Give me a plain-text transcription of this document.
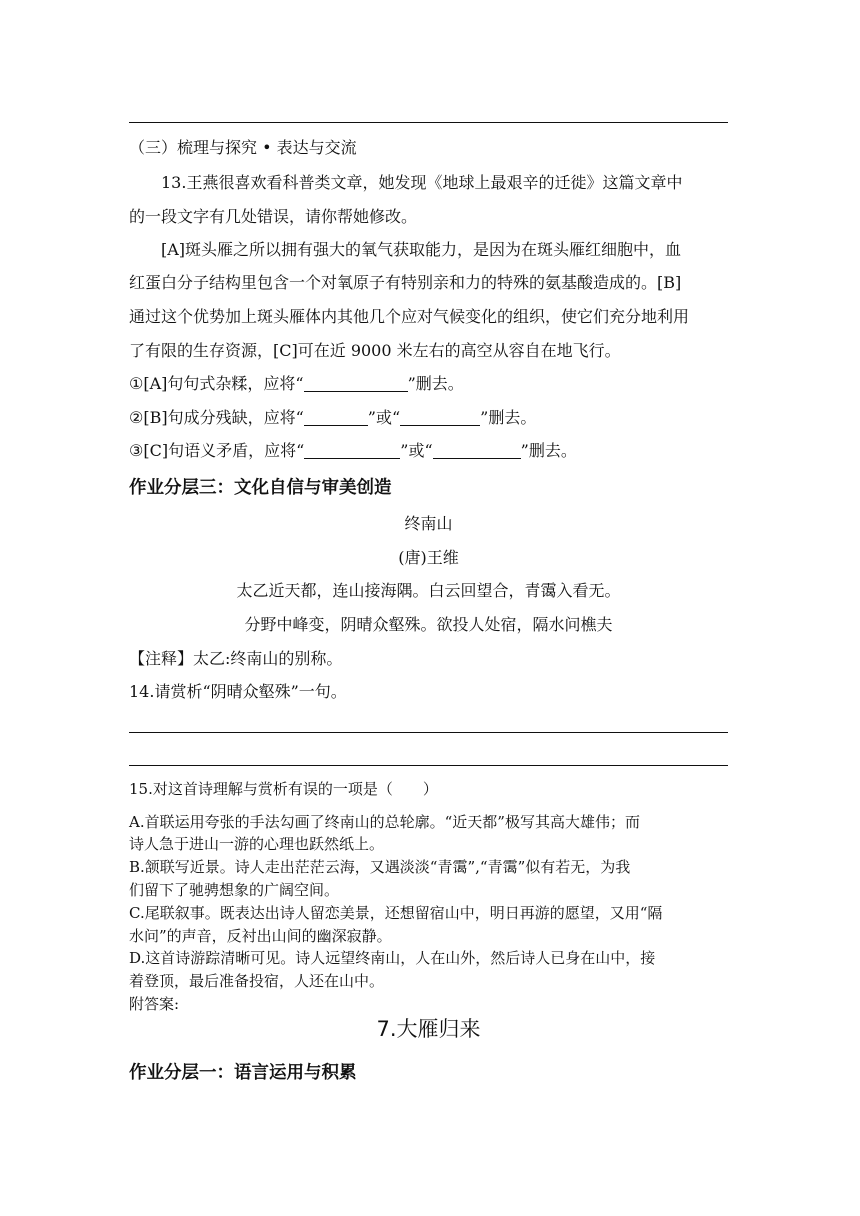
（三）梳理与探究 • 表达与交流
13.王燕很喜欢看科普类文章，她发现《地球上最艰辛的迁徙》这篇文章中
的一段文字有几处错误，请你帮她修改。
[A]斑头雁之所以拥有强大的氧气获取能力，是因为在斑头雁红细胞中，血
红蛋白分子结构里包含一个对氧原子有特别亲和力的特殊的氨基酸造成的。[B]
通过这个优势加上斑头雁体内其他几个应对气候变化的组织，使它们充分地利用
了有限的生存资源，[C]可在近 9000 米左右的高空从容自在地飞行。
①[A]句句式杂糅，应将“	”删去。
②[B]句成分残缺，应将“	”或“	”删去。
③[C]句语义矛盾，应将“	”或“	”删去。
作业分层三：文化自信与审美创造
终南山
(唐)王维
太乙近天都，连山接海隅。白云回望合，青霭入看无。
分野中峰变，阴晴众壑殊。欲投人处宿，隔水问樵夫
【注释】太乙:终南山的别称。
14.请赏析“阴晴众壑殊”一句。
15.对这首诗理解与赏析有误的一项是（　　）
A.首联运用夸张的手法勾画了终南山的总轮廓。“近天都”极写其高大雄伟；而
诗人急于进山一游的心理也跃然纸上。
B.颔联写近景。诗人走出茫茫云海，又遇淡淡“青霭”,“青霭”似有若无，为我
们留下了驰骋想象的广阔空间。
C.尾联叙事。既表达出诗人留恋美景，还想留宿山中，明日再游的愿望，又用“隔
水问”的声音，反衬出山间的幽深寂静。
D.这首诗游踪清晰可见。诗人远望终南山，人在山外，然后诗人已身在山中，接
着登顶，最后准备投宿，人还在山中。
附答案:
7.大雁归来
作业分层一：语言运用与积累
